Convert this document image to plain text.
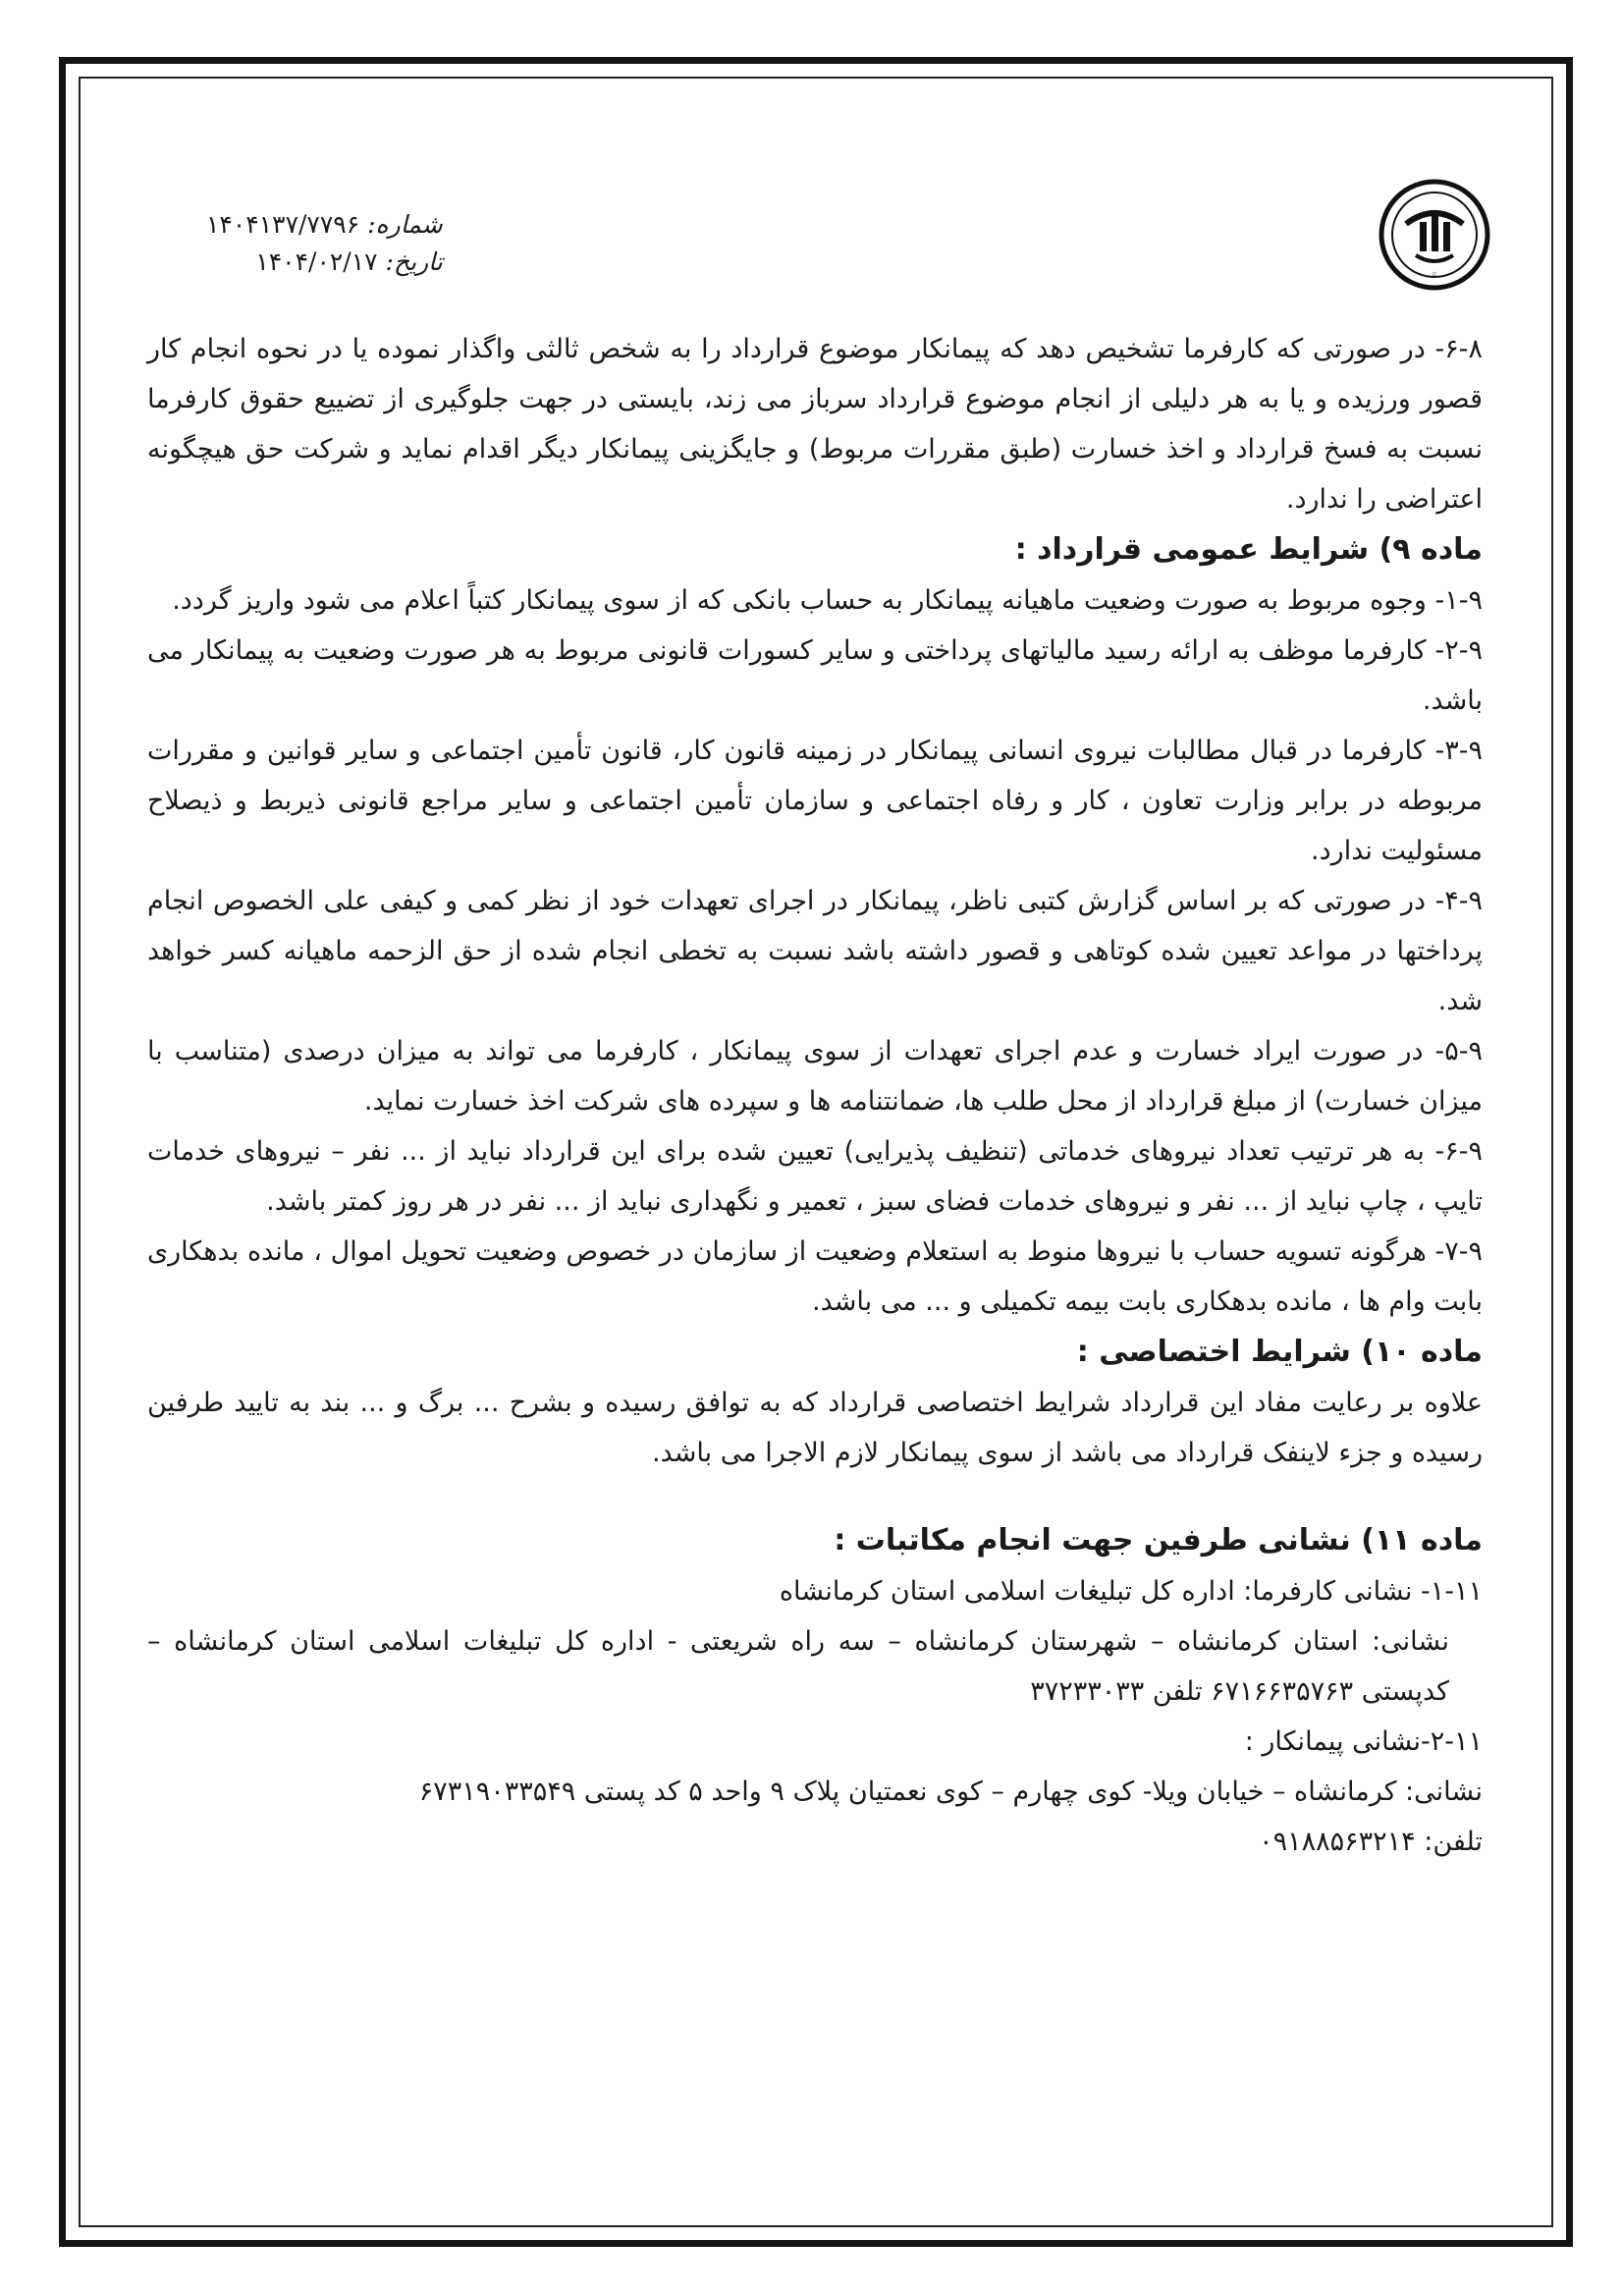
۞
شماره: ۱۴۰۴۱۳۷/۷۷۹۶
تاریخ: ۱۴۰۴/۰۲/۱۷

۶-۸- در صورتی که کارفرما تشخیص دهد که پیمانکار موضوع قرارداد را به شخص ثالثی واگذار نموده یا در نحوه انجام کار قصور ورزیده و یا به هر دلیلی از انجام موضوع قرارداد سرباز می زند، بایستی در جهت جلوگیری از تضییع حقوق کارفرما نسبت به فسخ قرارداد و اخذ خسارت (طبق مقررات مربوط) و جایگزینی پیمانکار دیگر اقدام نماید و شرکت حق هیچگونه اعتراضی را ندارد.

ماده ۹) شرایط عمومی قرارداد :

۱-۹- وجوه مربوط به صورت وضعیت ماهیانه پیمانکار به حساب بانکی که از سوی پیمانکار کتباً اعلام می شود واریز گردد.

۲-۹- کارفرما موظف به ارائه رسید مالیاتهای پرداختی و سایر کسورات قانونی مربوط به هر صورت وضعیت به پیمانکار می باشد.

۳-۹- کارفرما در قبال مطالبات نیروی انسانی پیمانکار در زمینه قانون کار، قانون تأمین اجتماعی و سایر قوانین و مقررات مربوطه در برابر وزارت تعاون ، کار و رفاه اجتماعی و سازمان تأمین اجتماعی و سایر مراجع قانونی ذیربط و ذیصلاح مسئولیت ندارد.

۴-۹- در صورتی که بر اساس گزارش کتبی ناظر، پیمانکار در اجرای تعهدات خود از نظر کمی و کیفی علی الخصوص انجام پرداختها در مواعد تعیین شده کوتاهی و قصور داشته باشد نسبت به تخطی انجام شده از حق الزحمه ماهیانه کسر خواهد شد.

۵-۹- در صورت ایراد خسارت و عدم اجرای تعهدات از سوی پیمانکار ، کارفرما می تواند به میزان درصدی (متناسب با میزان خسارت) از مبلغ قرارداد از محل طلب ها، ضمانتنامه ها و سپرده های شرکت اخذ خسارت نماید.

۶-۹- به هر ترتیب تعداد نیروهای خدماتی (تنظیف پذیرایی) تعیین شده برای این قرارداد نباید از ... نفر – نیروهای خدمات تایپ ، چاپ نباید از ... نفر و نیروهای خدمات فضای سبز ، تعمیر و نگهداری نباید از ... نفر در هر روز کمتر باشد.

۷-۹- هرگونه تسویه حساب با نیروها منوط به استعلام وضعیت از سازمان در خصوص وضعیت تحویل اموال ، مانده بدهکاری بابت وام ها ، مانده بدهکاری بابت بیمه تکمیلی و ... می باشد.

ماده ۱۰) شرایط اختصاصی :

علاوه بر رعایت مفاد این قرارداد شرایط اختصاصی قرارداد که به توافق رسیده و بشرح ... برگ و ... بند به تایید طرفین رسیده و جزء لاینفک قرارداد می باشد از سوی پیمانکار لازم الاجرا می باشد.

ماده ۱۱) نشانی طرفین جهت انجام مکاتبات :

۱-۱۱- نشانی کارفرما: اداره کل تبلیغات اسلامی استان کرمانشاه

نشانی: استان کرمانشاه – شهرستان کرمانشاه – سه راه شریعتی - اداره کل تبلیغات اسلامی استان کرمانشاه – کدپستی ۶۷۱۶۶۳۵۷۶۳ تلفن ۳۷۲۳۳۰۳۳

۲-۱۱-نشانی پیمانکار :

نشانی: کرمانشاه – خیابان ویلا- کوی چهارم – کوی نعمتیان پلاک ۹ واحد ۵ کد پستی ۶۷۳۱۹۰۳۳۵۴۹

تلفن: ۰۹۱۸۸۵۶۳۲۱۴
